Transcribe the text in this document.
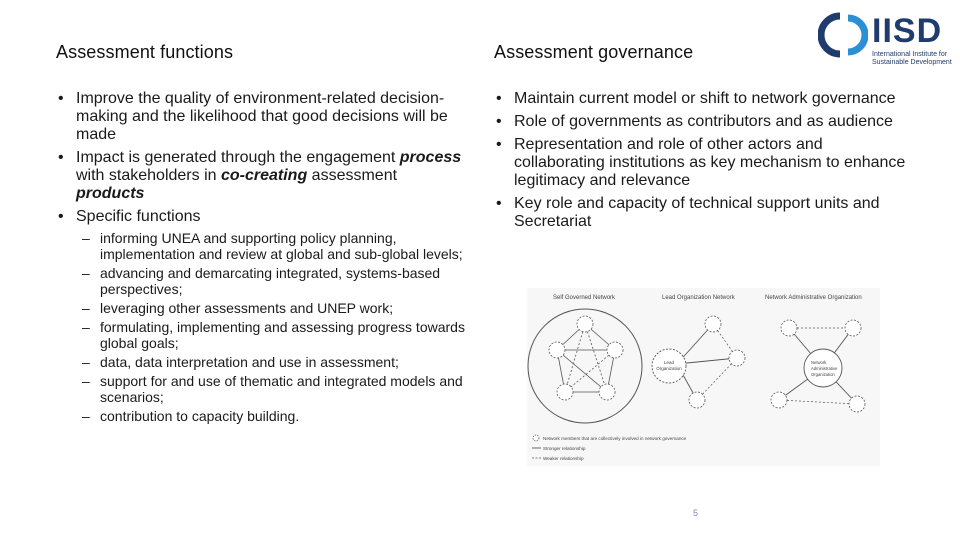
Assessment functions	Assessment governance
IISD
International Institute for
Sustainable Development
• Improve the quality of environment-related decision-making and the likelihood that good decisions will be made
• Impact is generated through the engagement process with stakeholders in co-creating assessment products
• Specific functions
– informing UNEA and supporting policy planning, implementation and review at global and sub-global levels;
– advancing and demarcating integrated, systems-based perspectives;
– leveraging other assessments and UNEP work;
– formulating, implementing and assessing progress towards global goals;
– data, data interpretation and use in assessment;
– support for and use of thematic and integrated models and scenarios;
– contribution to capacity building.
• Maintain current model or shift to network governance
• Role of governments as contributors and as audience
• Representation and role of other actors and collaborating institutions as key mechanism to enhance legitimacy and relevance
• Key role and capacity of technical support units and Secretariat
Self Governed Network	Lead Organization Network	Network Administrative Organization
Lead
Organization
Network
Administrative
Organization
Network members that are collectively involved in network governance
Stronger relationship
Weaker relationship
5
